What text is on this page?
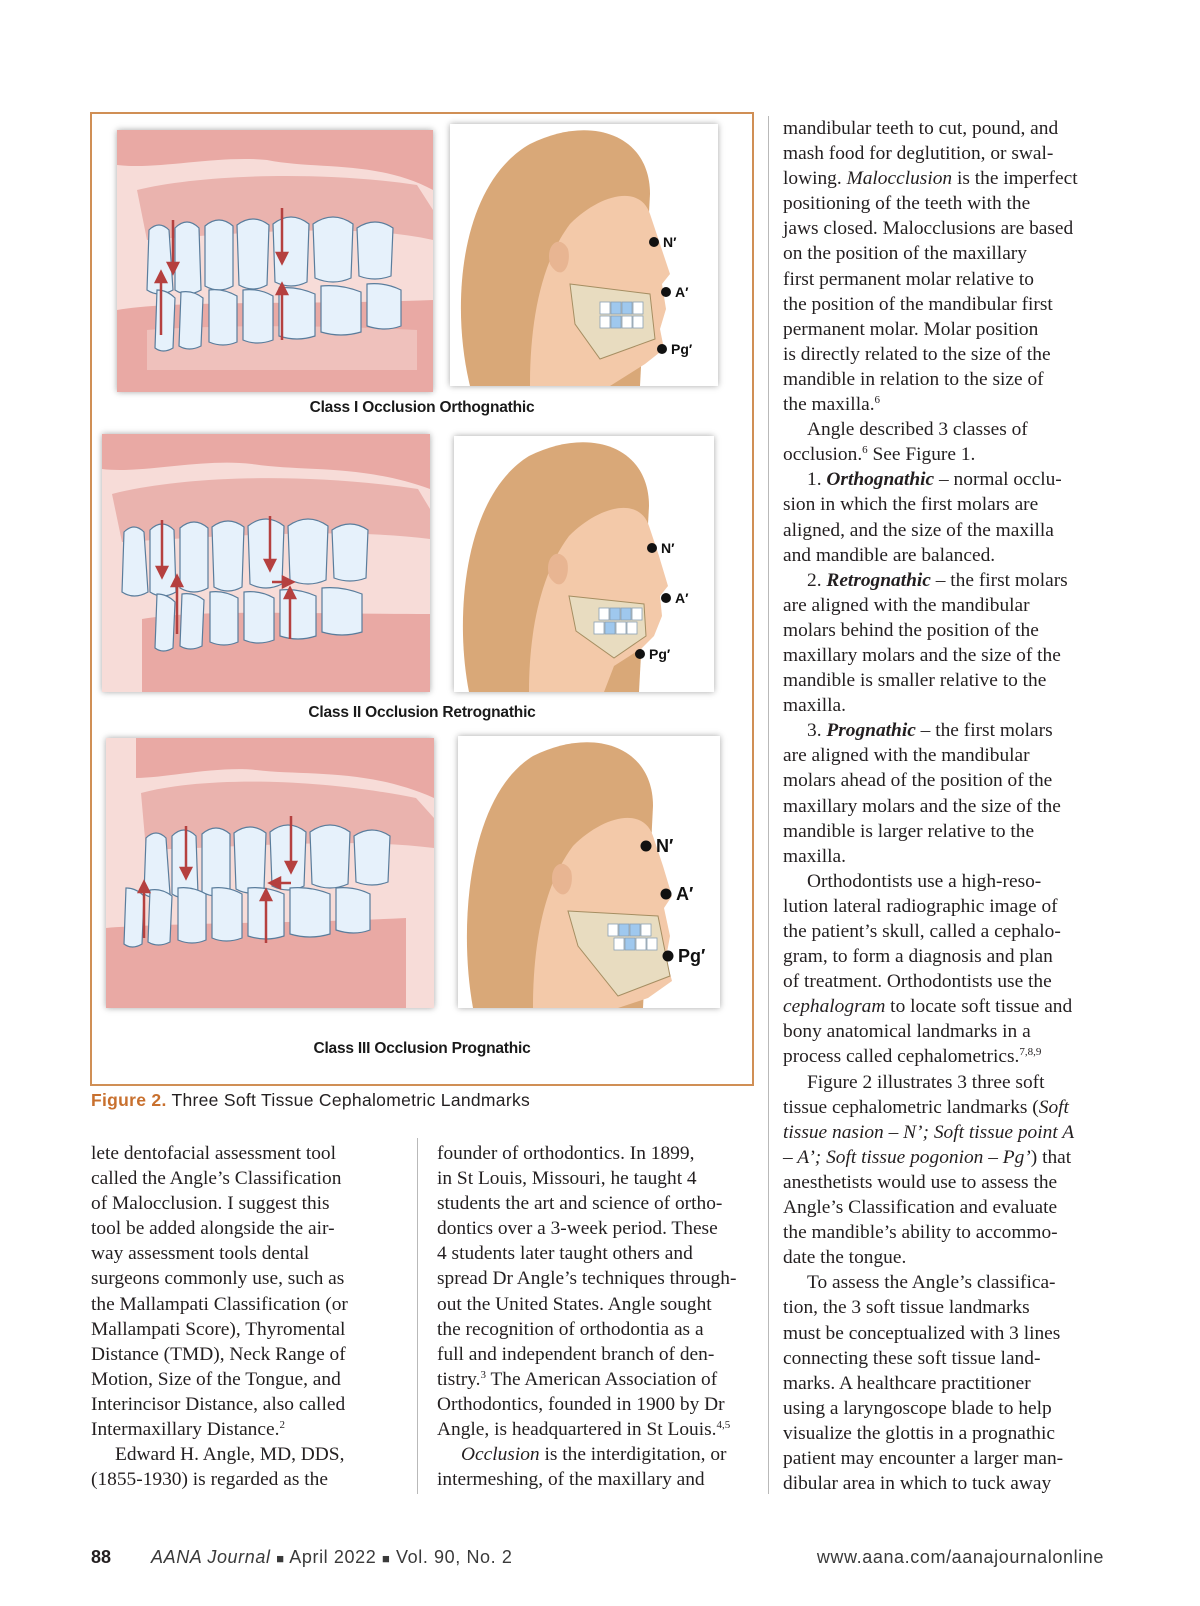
N′
A′
Pg′
Class I Occlusion Orthognathic
N′
A′
Pg′
Class II Occlusion Retrognathic
N′
A′
Pg′
Class III Occlusion Prognathic
Figure 2. Three Soft Tissue Cephalometric Landmarks
lete dentofacial assessment tool
called the Angle’s Classification
of Malocclusion. I suggest this
tool be added alongside the air-
way assessment tools dental
surgeons commonly use, such as
the Mallampati Classification (or
Mallampati Score), Thyromental
Distance (TMD), Neck Range of
Motion, Size of the Tongue, and
Interincisor Distance, also called
Intermaxillary Distance.$^2$
Edward H. Angle, MD, DDS,
(1855-1930) is regarded as the
founder of orthodontics. In 1899,
in St Louis, Missouri, he taught 4
students the art and science of ortho-
dontics over a 3-week period. These
4 students later taught others and
spread Dr Angle’s techniques through-
out the United States. Angle sought
the recognition of orthodontia as a
full and independent branch of den-
tistry.$^3$ The American Association of
Orthodontics, founded in 1900 by Dr
Angle, is headquartered in St Louis.$^{4,5}$
Occlusion is the interdigitation, or
intermeshing, of the maxillary and
mandibular teeth to cut, pound, and
mash food for deglutition, or swal-
lowing. Malocclusion is the imperfect
positioning of the teeth with the
jaws closed. Malocclusions are based
on the position of the maxillary
first permanent molar relative to
the position of the mandibular first
permanent molar. Molar position
is directly related to the size of the
mandible in relation to the size of
the maxilla.$^6$
Angle described 3 classes of
occlusion.$^6$ See Figure 1.
1. Orthognathic – normal occlu-
sion in which the first molars are
aligned, and the size of the maxilla
and mandible are balanced.
2. Retrognathic – the first molars
are aligned with the mandibular
molars behind the position of the
maxillary molars and the size of the
mandible is smaller relative to the
maxilla.
3. Prognathic – the first molars
are aligned with the mandibular
molars ahead of the position of the
maxillary molars and the size of the
mandible is larger relative to the
maxilla.
Orthodontists use a high-reso-
lution lateral radiographic image of
the patient’s skull, called a cephalo-
gram, to form a diagnosis and plan
of treatment. Orthodontists use the
cephalogram to locate soft tissue and
bony anatomical landmarks in a
process called cephalometrics.$^{7,8,9}$
Figure 2 illustrates 3 three soft
tissue cephalometric landmarks (Soft
tissue nasion – N’; Soft tissue point A
– A’; Soft tissue pogonion – Pg’) that
anesthetists would use to assess the
Angle’s Classification and evaluate
the mandible’s ability to accommo-
date the tongue.
To assess the Angle’s classifica-
tion, the 3 soft tissue landmarks
must be conceptualized with 3 lines
connecting these soft tissue land-
marks. A healthcare practitioner
using a laryngoscope blade to help
visualize the glottis in a prognathic
patient may encounter a larger man-
dibular area in which to tuck away
88 AANA Journal ■ April 2022 ■ Vol. 90, No. 2	www.aana.com/aanajournalonline
